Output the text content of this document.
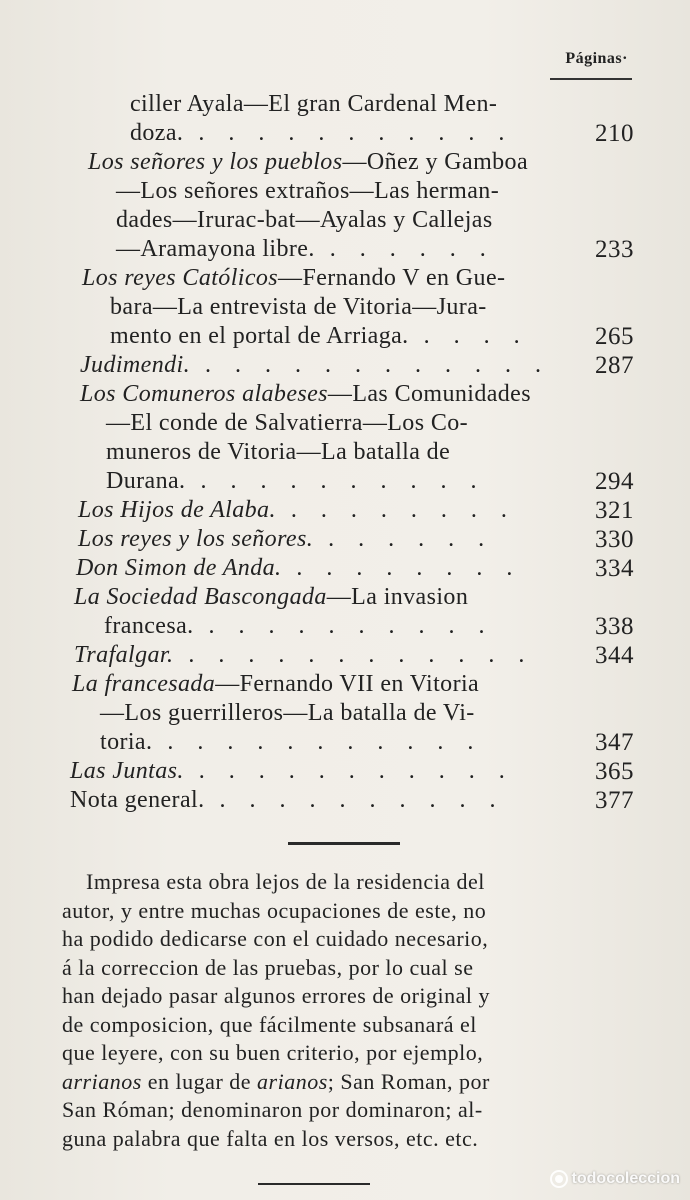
Páginas·
ciller Ayala—El gran Cardenal Men-
doza. . . . . . . . . . . .	210
Los señores y los pueblos—Oñez y Gamboa
—Los señores extraños—Las herman-
dades—Irurac-bat—Ayalas y Callejas
—Aramayona libre. . . . . . .	233
Los reyes Católicos—Fernando V en Gue-
bara—La entrevista de Vitoria—Jura-
mento en el portal de Arriaga. . . . .	265
Judimendi. . . . . . . . . . . . . 287
Los Comuneros alabeses—Las Comunidades
—El conde de Salvatierra—Los Co-
muneros de Vitoria—La batalla de
Durana. . . . . . . . . . .	294
Los Hijos de Alaba. . . . . . . . .	321
Los reyes y los señores. . . . . . .	330
Don Simon de Anda. . . . . . . . .	334
La Sociedad Bascongada—La invasion
francesa. . . . . . . . . . .	338
Trafalgar. . . . . . . . . . . . . 344
La francesada—Fernando VII en Vitoria
—Los guerrilleros—La batalla de Vi-
toria. . . . . . . . . . . .	347
Las Juntas. . . . . . . . . . . .	365
Nota general. . . . . . . . . . .	377
Impresa esta obra lejos de la residencia del
autor, y entre muchas ocupaciones de este, no
ha podido dedicarse con el cuidado necesario,
á la correccion de las pruebas, por lo cual se
han dejado pasar algunos errores de original y
de composicion, que fácilmente subsanará el
que leyere, con su buen criterio, por ejemplo,
arrianos en lugar de arianos; San Roman, por
San Róman; denominaron por dominaron; al-
guna palabra que falta en los versos, etc. etc.
todocoleccion
